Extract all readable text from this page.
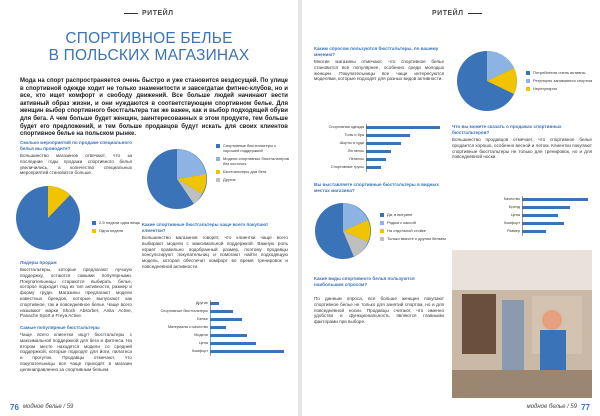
РИТЕЙЛ
СПОРТИВНОЕ БЕЛЬЕ
В ПОЛЬСКИХ МАГАЗИНАХ
Мода на спорт распространяется очень быстро и уже становится вездесущей. По улице в спортивной одежде ходит не только знаменитости и завсегдатаи фитнес-клубов, но и все, кто ищет комфорт и свободу движений. Все больше людей начинают вести активный образ жизни, и они нуждаются в соответствующем спортивном белье. Для женщин выбор спортивного бюстгальтера так же важен, как и выбор подходящей обуви для бега. А чем больше будет женщин, заинтересованных в этом продукте, тем больше будет его предложений, и тем больше продавцов будут искать для своих клиентов спортивное белье на польском рынке.
Сколько мероприятий по продаже специального белья вы проводите?
Большинство магазинов отвечают, что за последние годы продажи спортивного белья увеличились, а количество специальных мероприятий становится больше.
2-5 недели одна вещь
Одна неделя
Лидеры продаж
Бюстгальтеры, которые предлагают лучшую поддержку, остаются самыми популярными. Покупательницы стараются выбирать белье, которое подходит под их тип активности, размер и форму груди. Магазины предлагают модели известных брендов, которые выпускают как спортивное, так и повседневное белье. Чаще всего называют марки Shock Absorber, Anita Active, Panache Sport и Freya Active.
Самые популярные бюстгальтеры
Чаще всего клиентки ищут бюстгальтеры с максимальной поддержкой для бега и фитнеса. На втором месте находятся модели со средней поддержкой, которые подходят для йоги, пилатеса и прогулок. Продавцы отмечают, что покупательницы все чаще приходят в магазин целенаправленно за спортивным бельем.
Спортивные бюстгальтеры с хорошей поддержкой
Модели спортивных бюстгальтеров без косточек
Бюстгальтеры для бега
Другие
Какие спортивные бюстгальтеры чаще всего покупают клиентки?
Большинство магазинов говорят, что клиентки чаще всего выбирают модели с максимальной поддержкой. Важную роль играет правильно подобранный размер, поэтому продавцы консультируют покупательниц и помогают найти подходящую модель, которая обеспечит комфорт во время тренировок и повседневной активности.
Другие
Спортивные бюстгальтеры
Белье
Материалы и качество
Модели
Цена
Комфорт
76 модное белье / 59
РИТЕЙЛ
Каким спросом пользуются бюстгальтеры, по вашему мнению?
Многие магазины отмечают, что спортивное белье становится все популярнее, особенно среди молодых женщин. Покупательницы все чаще интересуются моделями, которые подходят для разных видов активности.
Спортивная одежда
Топы и бра
Шорты и худи
Леггинсы
Легинсы
Спортивные трусы
Вы выставляете спортивные бюстгальтеры в видных местах магазина?
Да, в витрине
Рядом с кассой
На отдельной стойке
Только вместе с другим бельем
Какие виды спортивного белья пользуются наибольшим спросом?
По данным опроса, все больше женщин покупают спортивное белье не только для занятий спортом, но и для повседневной носки. Продавцы считают, что именно удобство и функциональность являются главными факторами при выборе.
Потребители очень активны
Регулярно занимаются спортом
Нерегулярно
Что вы можете сказать о продажах спортивных бюстгальтеров?
Большинство продавцов отмечает, что спортивное белье продается хорошо, особенно весной и летом. Клиентки покупают спортивные бюстгальтеры не только для тренировок, но и для повседневной носки.
Качество
Бренд
Цена
Комфорт
Размер
модное белье / 59 77
